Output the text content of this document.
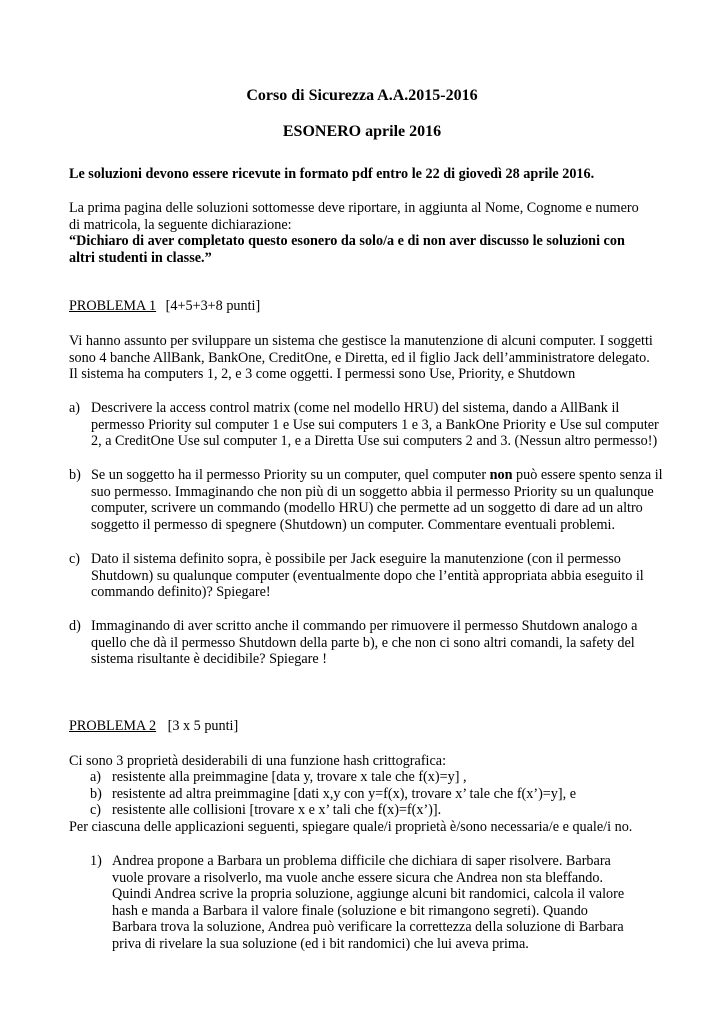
Corso di Sicurezza A.A.2015-2016
ESONERO aprile 2016
Le soluzioni devono essere ricevute in formato pdf entro le 22 di giovedì 28 aprile 2016.
La prima pagina delle soluzioni sottomesse deve riportare, in aggiunta al Nome, Cognome e numero
di matricola, la seguente dichiarazione:
“Dichiaro di aver completato questo esonero da solo/a e di non aver discusso le soluzioni con
altri studenti in classe.”
PROBLEMA 1 [4+5+3+8 punti]
Vi hanno assunto per sviluppare un sistema che gestisce la manutenzione di alcuni computer. I soggetti
sono 4 banche AllBank, BankOne, CreditOne, e Diretta, ed il figlio Jack dell’amministratore delegato.
Il sistema ha computers 1, 2, e 3 come oggetti. I permessi sono Use, Priority, e Shutdown
a) Descrivere la access control matrix (come nel modello HRU) del sistema, dando a AllBank il
permesso Priority sul computer 1 e Use sui computers 1 e 3, a BankOne Priority e Use sul computer
2, a CreditOne Use sul computer 1, e a Diretta Use sui computers 2 and 3. (Nessun altro permesso!)
b) Se un soggetto ha il permesso Priority su un computer, quel computer non può essere spento senza il
suo permesso. Immaginando che non più di un soggetto abbia il permesso Priority su un qualunque
computer, scrivere un commando (modello HRU) che permette ad un soggetto di dare ad un altro
soggetto il permesso di spegnere (Shutdown) un computer. Commentare eventuali problemi.
c) Dato il sistema definito sopra, è possibile per Jack eseguire la manutenzione (con il permesso
Shutdown) su qualunque computer (eventualmente dopo che l’entità appropriata abbia eseguito il
commando definito)? Spiegare!
d) Immaginando di aver scritto anche il commando per rimuovere il permesso Shutdown analogo a
quello che dà il permesso Shutdown della parte b), e che non ci sono altri comandi, la safety del
sistema risultante è decidibile? Spiegare !
PROBLEMA 2 [3 x 5 punti]
Ci sono 3 proprietà desiderabili di una funzione hash crittografica:
a) resistente alla preimmagine [data y, trovare x tale che f(x)=y] ,
b) resistente ad altra preimmagine [dati x,y con y=f(x), trovare x’ tale che f(x’)=y], e
c) resistente alle collisioni [trovare x e x’ tali che f(x)=f(x’)].
Per ciascuna delle applicazioni seguenti, spiegare quale/i proprietà è/sono necessaria/e e quale/i no.
1) Andrea propone a Barbara un problema difficile che dichiara di saper risolvere. Barbara
vuole provare a risolverlo, ma vuole anche essere sicura che Andrea non sta bleffando.
Quindi Andrea scrive la propria soluzione, aggiunge alcuni bit randomici, calcola il valore
hash e manda a Barbara il valore finale (soluzione e bit rimangono segreti). Quando
Barbara trova la soluzione, Andrea può verificare la correttezza della soluzione di Barbara
priva di rivelare la sua soluzione (ed i bit randomici) che lui aveva prima.
